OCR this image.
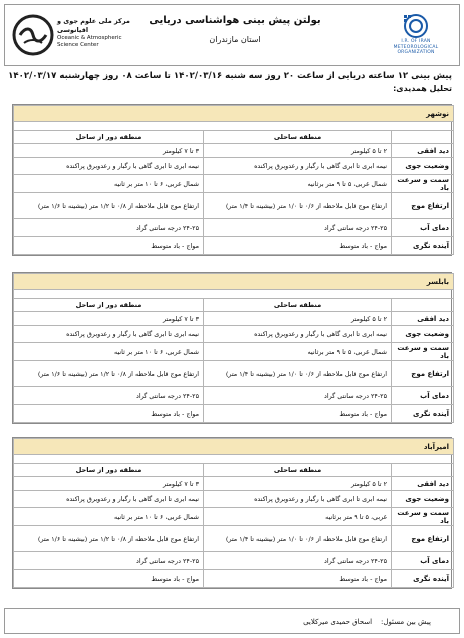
مرکز ملی علوم جوی و اقیانوسی
Oceanic & Atmospheric
Science Center
بولتن پیش بینی هواشناسی دریایی
استان مازندران	I.R. OF IRAN
METEOROLOGICAL
ORGANIZATION
پیش بینی ۱۲ ساعته دریایی از ساعت ۲۰ روز سه شنبه ۱۴۰۲/۰۳/۱۶ تا ساعت ۰۸ روز چهارشنبه ۱۴۰۲/۰۳/۱۷
تحلیل همدیدی:
نوشهر		

	منطقه ساحلی	منطقه دور از ساحل
دید افقی	۲ تا ۵ کیلومتر	۳ تا ۷ کیلومتر
وضعیت جوی	نیمه ابری تا ابری گاهی با رگبار و رعدوبرق پراکنده	نیمه ابری تا ابری گاهی با رگبار و رعدوبرق پراکنده
سمت و سرعت باد	شمال غربی، ۵ تا ۹ متر برثانیه	شمال غربی، ۶ تا ۱۰ متر بر ثانیه
ارتفاع موج	ارتفاع موج قابل ملاحظه از ۰/۶ تا ۱/۰ متر (بیشینه تا ۱/۴ متر)	ارتفاع موج قابل ملاحظه از ۰/۸ تا ۱/۲ متر (بیشینه تا ۱/۶ متر)
دمای آب	۲۴-۲۵ درجه سانتی گراد	۲۴-۲۵ درجه سانتی گراد
آینده نگری	مواج - باد متوسط	مواج - باد متوسط
بابلسر		

	منطقه ساحلی	منطقه دور از ساحل
دید افقی	۲ تا ۵ کیلومتر	۳ تا ۷ کیلومتر
وضعیت جوی	نیمه ابری تا ابری گاهی با رگبار و رعدوبرق پراکنده	نیمه ابری تا ابری گاهی با رگبار و رعدوبرق پراکنده
سمت و سرعت باد	شمال غربی، ۵ تا ۹ متر برثانیه	شمال غربی، ۶ تا ۱۰ متر بر ثانیه
ارتفاع موج	ارتفاع موج قابل ملاحظه از ۰/۶ تا ۱/۰ متر (بیشینه تا ۱/۴ متر)	ارتفاع موج قابل ملاحظه از ۰/۸ تا ۱/۲ متر (بیشینه تا ۱/۶ متر)
دمای آب	۲۴-۲۵ درجه سانتی گراد	۲۴-۲۵ درجه سانتی گراد
آینده نگری	مواج - باد متوسط	مواج - باد متوسط
امیرآباد		

	منطقه ساحلی	منطقه دور از ساحل
دید افقی	۲ تا ۵ کیلومتر	۳ تا ۷ کیلومتر
وضعیت جوی	نیمه ابری تا ابری گاهی با رگبار و رعدوبرق پراکنده	نیمه ابری تا ابری گاهی با رگبار و رعدوبرق پراکنده
سمت و سرعت باد	غربی، ۵ تا ۹ متر برثانیه	شمال غربی، ۶ تا ۱۰ متر بر ثانیه
ارتفاع موج	ارتفاع موج قابل ملاحظه از ۰/۶ تا ۱/۰ متر (بیشینه تا ۱/۴ متر)	ارتفاع موج قابل ملاحظه از ۰/۸ تا ۱/۲ متر (بیشینه تا ۱/۶ متر)
دمای آب	۲۴-۲۵ درجه سانتی گراد	۲۴-۲۵ درجه سانتی گراد
آینده نگری	مواج - باد متوسط	مواج - باد متوسط
پیش بین مسئول:    اسحاق حمیدی میرکلایی
